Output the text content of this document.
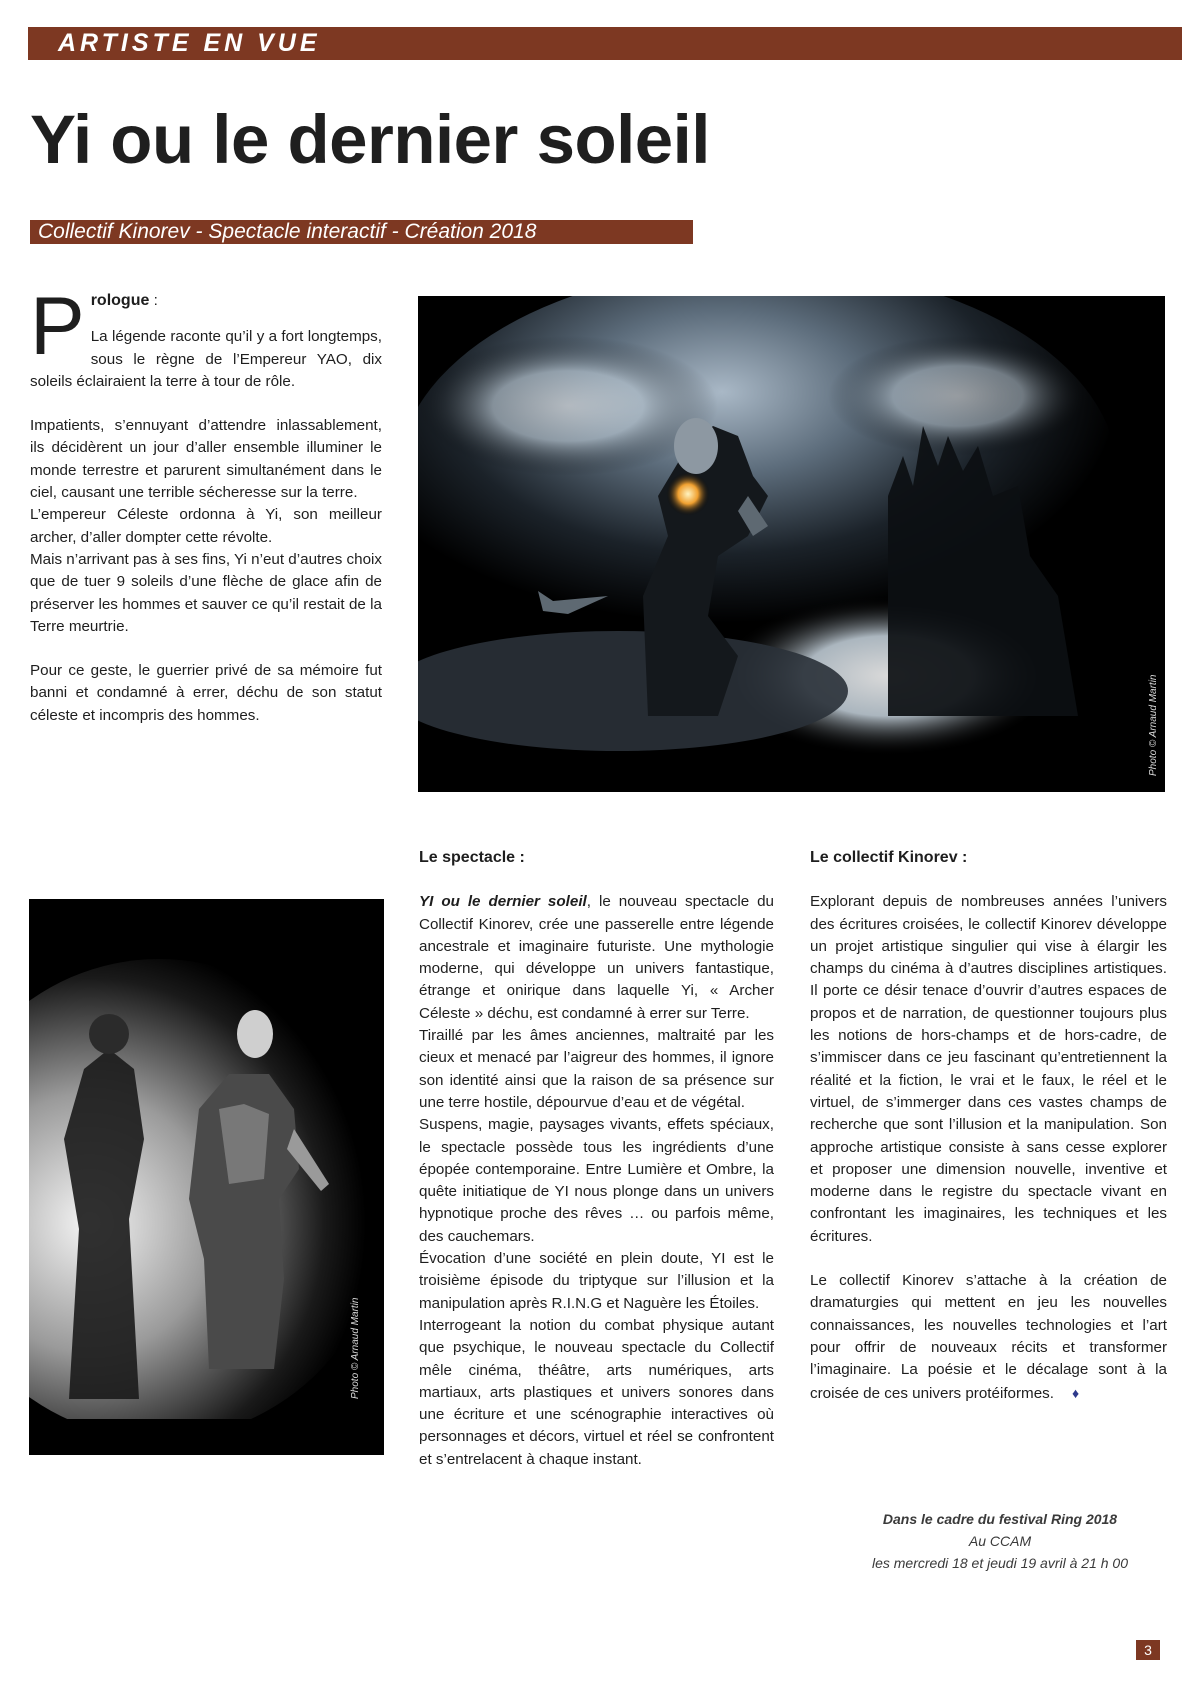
ARTISTE EN VUE
Yi ou le dernier soleil
Collectif Kinorev - Spectacle interactif - Création 2018
P rologue :

La légende raconte qu’il y a fort longtemps, sous le règne de l’Empereur YAO, dix soleils éclairaient la terre à tour de rôle.

Impatients, s’ennuyant d’attendre inlassablement, ils décidèrent un jour d’aller ensemble illuminer le monde terrestre et parurent simultanément dans le ciel, causant une terrible sécheresse sur la terre.

L’empereur Céleste ordonna à Yi, son meilleur archer, d’aller dompter cette révolte.

Mais n’arrivant pas à ses fins, Yi n’eut d’autres choix que de tuer 9 soleils d’une flèche de glace afin de préserver les hommes et sauver ce qu’il restait de la Terre meurtrie.

Pour ce geste, le guerrier privé de sa mémoire fut banni et condamné à errer, déchu de son statut céleste et incompris des hommes.	Photo © Arnaud Martin
Photo © Arnaud Martin

Le spectacle :

YI ou le dernier soleil, le nouveau spectacle du Collectif Kinorev, crée une passerelle entre légende ancestrale et imaginaire futuriste. Une mythologie moderne, qui développe un univers fantastique, étrange et onirique dans laquelle Yi, « Archer Céleste » déchu, est condamné à errer sur Terre.

Tiraillé par les âmes anciennes, maltraité par les cieux et menacé par l’aigreur des hommes, il ignore son identité ainsi que la raison de sa présence sur une terre hostile, dépourvue d’eau et de végétal.

Suspens, magie, paysages vivants, effets spéciaux, le spectacle possède tous les ingrédients d’une épopée contemporaine. Entre Lumière et Ombre, la quête initiatique de YI nous plonge dans un univers hypnotique proche des rêves … ou parfois même, des cauchemars.

Évocation d’une société en plein doute, YI est le troisième épisode du triptyque sur l’illusion et la manipulation après R.I.N.G et Naguère les Étoiles.

Interrogeant la notion du combat physique autant que psychique, le nouveau spectacle du Collectif mêle cinéma, théâtre, arts numériques, arts martiaux, arts plastiques et univers sonores dans une écriture et une scénographie interactives où personnages et décors, virtuel et réel se confrontent et s’entrelacent à chaque instant.

Le collectif Kinorev :

Explorant depuis de nombreuses années l’univers des écritures croisées, le collectif Kinorev développe un projet artistique singulier qui vise à élargir les champs du cinéma à d’autres disciplines artistiques. Il porte ce désir tenace d’ouvrir d’autres espaces de propos et de narration, de questionner toujours plus les notions de hors-champs et de hors-cadre, de s’immiscer dans ce jeu fascinant qu’entretiennent la réalité et la fiction, le vrai et le faux, le réel et le virtuel, de s’immerger dans ces vastes champs de recherche que sont l’illusion et la manipulation. Son approche artistique consiste à sans cesse explorer et proposer une dimension nouvelle, inventive et moderne dans le registre du spectacle vivant en confrontant les imaginaires, les techniques et les écritures.

Le collectif Kinorev s’attache à la création de dramaturgies qui mettent en jeu les nouvelles connaissances, les nouvelles technologies et l’art pour offrir de nouveaux récits et transformer l’imaginaire. La poésie et le décalage sont à la croisée de ces univers protéiformes. ♦

Dans le cadre du festival Ring 2018
Au CCAM
les mercredi 18 et jeudi 19 avril à 21 h 00
3
